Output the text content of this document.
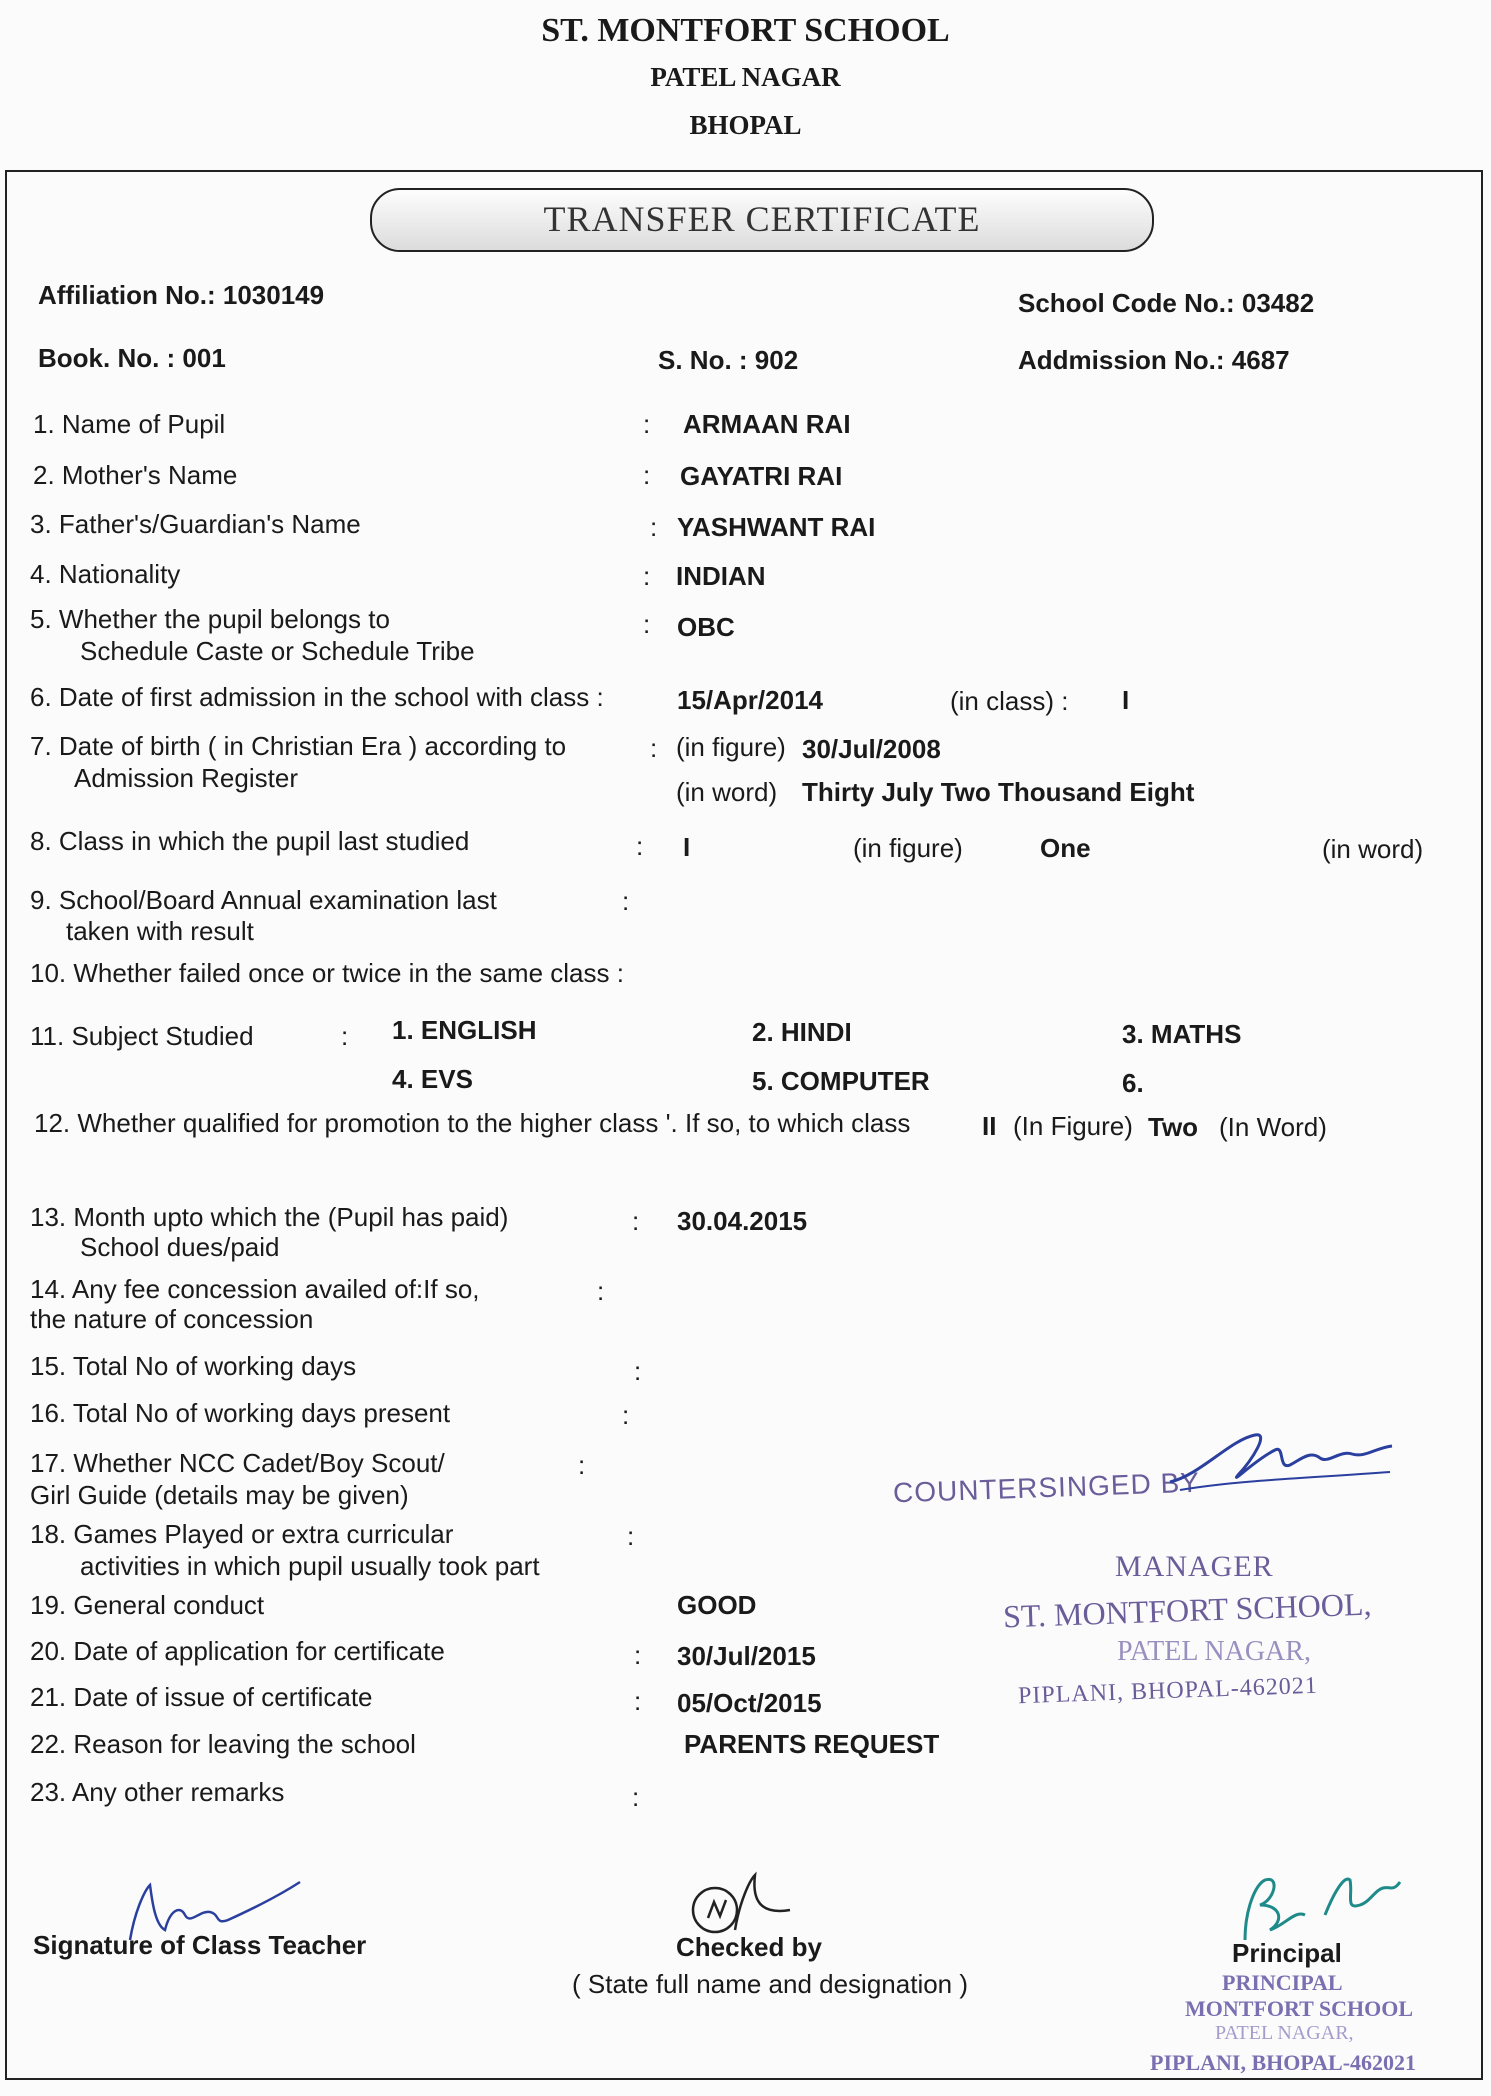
ST. MONTFORT SCHOOL
PATEL NAGAR
BHOPAL
TRANSFER CERTIFICATE
Affiliation No.: 1030149	School Code No.: 03482
Book. No. : 001	S. No. : 902	Addmission No.: 4687
1. Name of Pupil	: ARMAAN RAI
2. Mother's Name	: GAYATRI RAI
3. Father's/Guardian's Name	: YASHWANT RAI
4. Nationality	: INDIAN
5. Whether the pupil belongs to
Schedule Caste or Schedule Tribe
: OBC
6. Date of first admission in the school with class :	15/Apr/2014	(in class) : I
7. Date of birth ( in Christian Era ) according to
Admission Register
: (in figure) 30/Jul/2008
(in word) Thirty July Two Thousand Eight
8. Class in which the pupil last studied	: I	(in figure)	One	(in word)
9. School/Board Annual examination last
taken with result
:
10. Whether failed once or twice in the same class :
11. Subject Studied	: 1. ENGLISH	2. HINDI	3. MATHS
4. EVS	5. COMPUTER	6.
12. Whether qualified for promotion to the higher class '. If so, to which class	II (In Figure) Two (In Word)
13. Month upto which the (Pupil has paid)
School dues/paid
: 30.04.2015
14. Any fee concession availed of:If so,
the nature of concession
:
15. Total No of working days	:
16. Total No of working days present	:
17. Whether NCC Cadet/Boy Scout/
Girl Guide (details may be given)
:
18. Games Played or extra curricular
activities in which pupil usually took part
:
19. General conduct	GOOD
20. Date of application for certificate	: 30/Jul/2015
21. Date of issue of certificate	: 05/Oct/2015
22. Reason for leaving the school	PARENTS REQUEST
23. Any other remarks	:
COUNTERSINGED BY
MANAGER
ST. MONTFORT SCHOOL,
PATEL NAGAR,
PIPLANI, BHOPAL-462021
Signature of Class Teacher	Checked by
( State full name and designation )
Principal
PRINCIPAL
MONTFORT SCHOOL
PATEL NAGAR,
PIPLANI, BHOPAL-462021
